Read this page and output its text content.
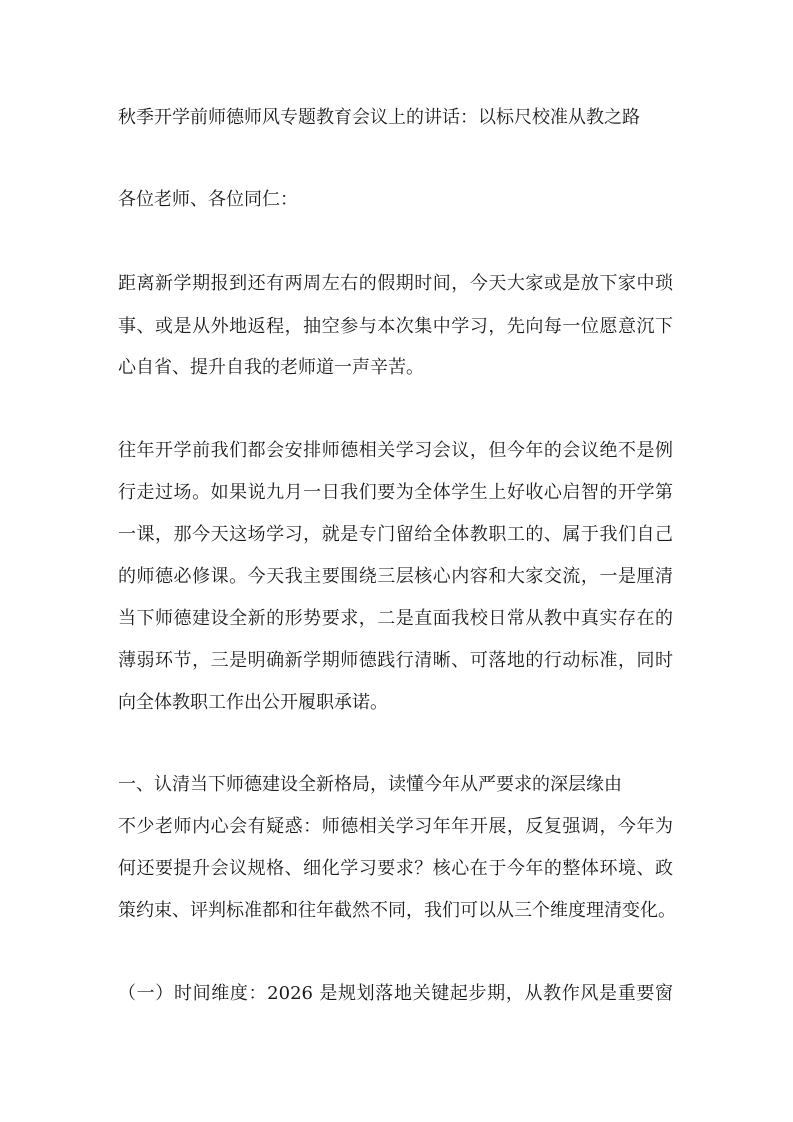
秋季开学前师德师风专题教育会议上的讲话：以标尺校准从教之路
各位老师、各位同仁：
距离新学期报到还有两周左右的假期时间，今天大家或是放下家中琐
事、或是从外地返程，抽空参与本次集中学习，先向每一位愿意沉下
心自省、提升自我的老师道一声辛苦。
往年开学前我们都会安排师德相关学习会议，但今年的会议绝不是例
行走过场。如果说九月一日我们要为全体学生上好收心启智的开学第
一课，那今天这场学习，就是专门留给全体教职工的、属于我们自己
的师德必修课。今天我主要围绕三层核心内容和大家交流，一是厘清
当下师德建设全新的形势要求，二是直面我校日常从教中真实存在的
薄弱环节，三是明确新学期师德践行清晰、可落地的行动标准，同时
向全体教职工作出公开履职承诺。
一、认清当下师德建设全新格局，读懂今年从严要求的深层缘由
不少老师内心会有疑惑：师德相关学习年年开展，反复强调，今年为
何还要提升会议规格、细化学习要求？核心在于今年的整体环境、政
策约束、评判标准都和往年截然不同，我们可以从三个维度理清变化。
（一）时间维度：2026 是规划落地关键起步期，从教作风是重要窗
